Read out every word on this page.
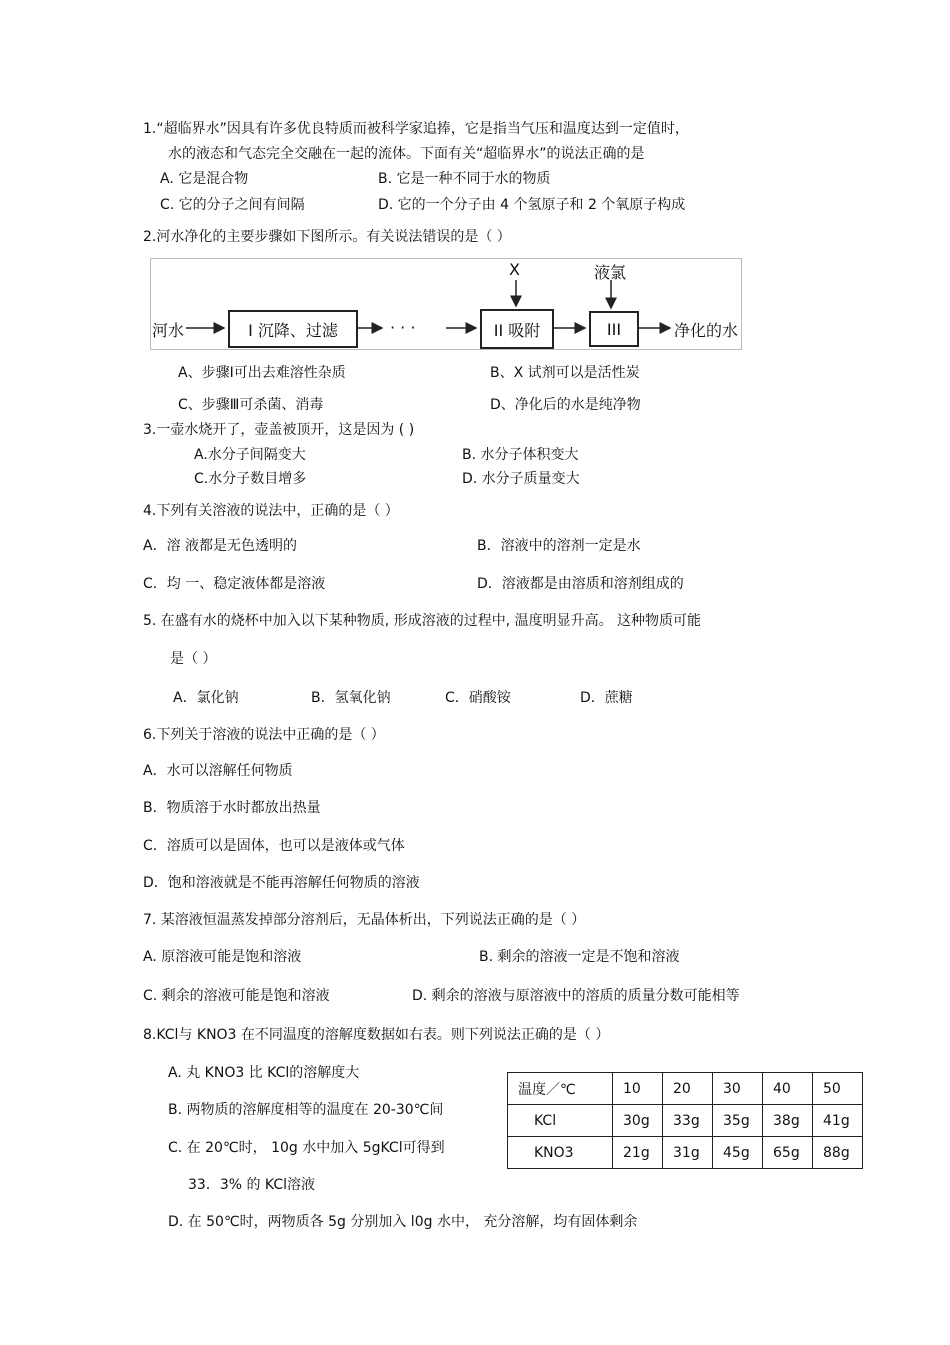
1.“超临界水”因具有许多优良特质而被科学家追捧，它是指当气压和温度达到一定值时，
水的液态和气态完全交融在一起的流体。下面有关“超临界水”的说法正确的是
A. 它是混合物	B. 它是一种不同于水的物质
C. 它的分子之间有间隔	D. 它的一个分子由 4 个氢原子和 2 个氧原子构成
2.河水净化的主要步骤如下图所示。有关说法错误的是（ ）
河水	I 沉降、过滤	· · ·	II 吸附	III
X	液氯
净化的水
A、步骤Ⅰ可出去难溶性杂质	B、X 试剂可以是活性炭
C、步骤Ⅲ可杀菌、消毒	D、净化后的水是纯净物
3.一壶水烧开了，壶盖被顶开，这是因为 ( )
A.水分子间隔变大	B. 水分子体积变大
C.水分子数目增多	D. 水分子质量变大
4.下列有关溶液的说法中，正确的是（ ）
A．溶 液都是无色透明的	B．溶液中的溶剂一定是水
C．均 一、稳定液体都是溶液	D．溶液都是由溶质和溶剂组成的
5. 在盛有水的烧杯中加入以下某种物质, 形成溶液的过程中, 温度明显升高。 这种物质可能
是（ ）
A．氯化钠	B．氢氧化钠	C．硝酸铵	D．蔗糖
6.下列关于溶液的说法中正确的是（ ）
A．水可以溶解任何物质
B．物质溶于水时都放出热量
C．溶质可以是固体，也可以是液体或气体
D．饱和溶液就是不能再溶解任何物质的溶液
7. 某溶液恒温蒸发掉部分溶剂后，无晶体析出，下列说法正确的是（ ）
A. 原溶液可能是饱和溶液	B. 剩余的溶液一定是不饱和溶液
C. 剩余的溶液可能是饱和溶液	D. 剩余的溶液与原溶液中的溶质的质量分数可能相等
8.KCl与 KNO3 在不同温度的溶解度数据如右表。则下列说法正确的是（ ）
A. 丸 KNO3 比 KCl的溶解度大
B. 两物质的溶解度相等的温度在 20-30℃间
C. 在 20℃时， 10g 水中加入 5gKCl可得到
33．3% 的 KCl溶液
D. 在 50℃时，两物质各 5g 分别加入 l0g 水中， 充分溶解，均有固体剩余
温度／℃	10	20	30	40	50
KCl	30g	33g	35g	38g	41g
KNO3	21g	31g	45g	65g	88g
